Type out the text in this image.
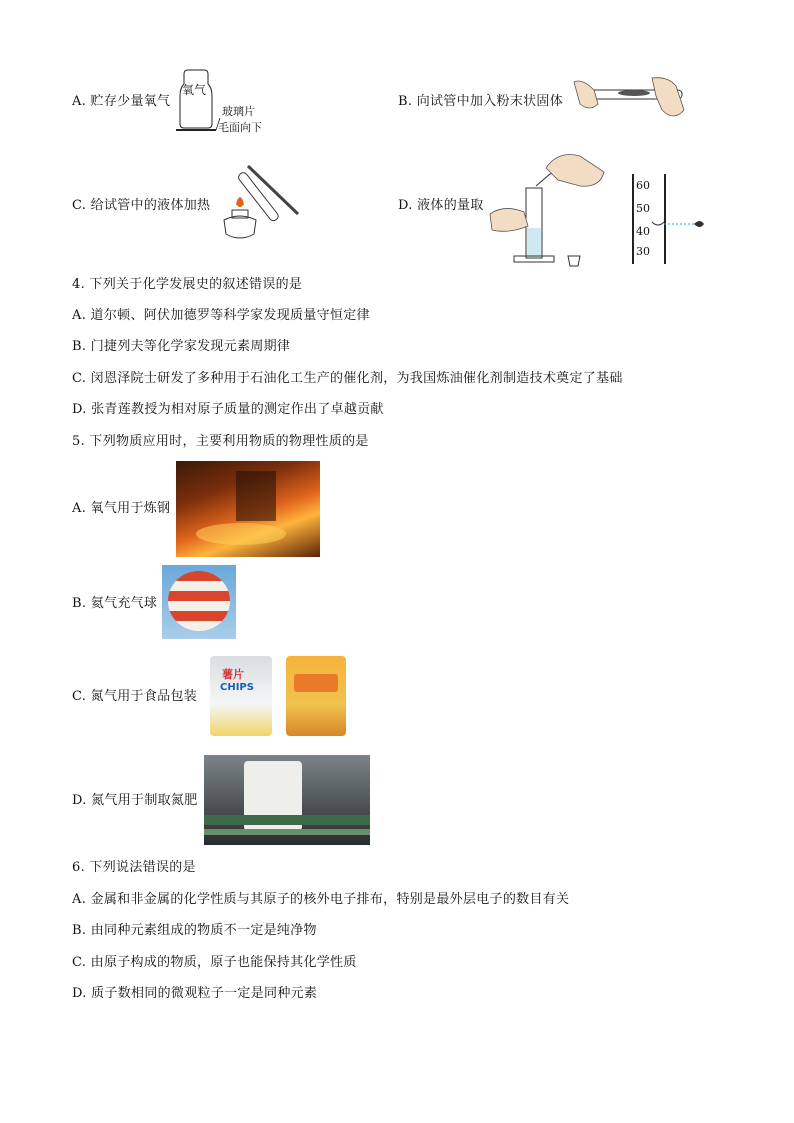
A. 贮存少量氧气
氧气
玻璃片
毛面向下
B. 向试管中加入粉末状固体
C. 给试管中的液体加热	D. 液体的量取
60
50
40
30
4. 下列关于化学发展史的叙述错误的是
A. 道尔顿、阿伏加德罗等科学家发现质量守恒定律
B. 门捷列夫等化学家发现元素周期律
C. 闵恩泽院士研发了多种用于石油化工生产的催化剂，为我国炼油催化剂制造技术奠定了基础
D. 张青莲教授为相对原子质量的测定作出了卓越贡献
5. 下列物质应用时，主要利用物质的物理性质的是
A. 氧气用于炼钢
B. 氦气充气球
C. 氮气用于食品包装
薯片
CHIPS
D. 氮气用于制取氮肥
6. 下列说法错误的是
A. 金属和非金属的化学性质与其原子的核外电子排布，特别是最外层电子的数目有关
B. 由同种元素组成的物质不一定是纯净物
C. 由原子构成的物质，原子也能保持其化学性质
D. 质子数相同的微观粒子一定是同种元素
